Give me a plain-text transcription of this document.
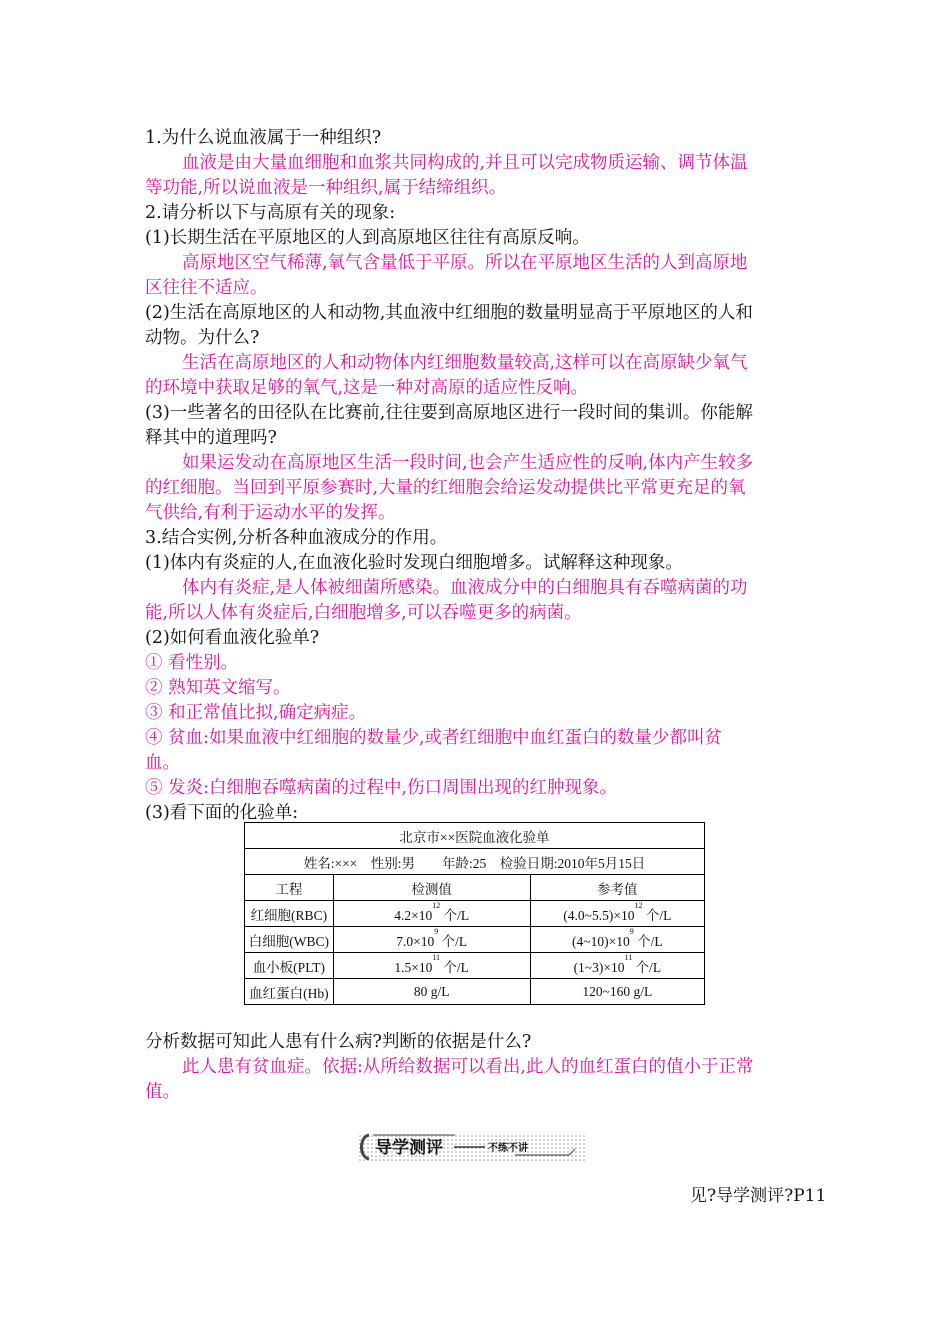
1.为什么说血液属于一种组织?
血液是由大量血细胞和血浆共同构成的,并且可以完成物质运输、调节体温
等功能,所以说血液是一种组织,属于结缔组织。
2.请分析以下与高原有关的现象:
(1)长期生活在平原地区的人到高原地区往往有高原反响。
高原地区空气稀薄,氧气含量低于平原。所以在平原地区生活的人到高原地
区往往不适应。
(2)生活在高原地区的人和动物,其血液中红细胞的数量明显高于平原地区的人和
动物。为什么?
生活在高原地区的人和动物体内红细胞数量较高,这样可以在高原缺少氧气
的环境中获取足够的氧气,这是一种对高原的适应性反响。
(3)一些著名的田径队在比赛前,往往要到高原地区进行一段时间的集训。你能解
释其中的道理吗?
如果运发动在高原地区生活一段时间,也会产生适应性的反响,体内产生较多
的红细胞。当回到平原参赛时,大量的红细胞会给运发动提供比平常更充足的氧
气供给,有利于运动水平的发挥。
3.结合实例,分析各种血液成分的作用。
(1)体内有炎症的人,在血液化验时发现白细胞增多。试解释这种现象。
体内有炎症,是人体被细菌所感染。血液成分中的白细胞具有吞噬病菌的功
能,所以人体有炎症后,白细胞增多,可以吞噬更多的病菌。
(2)如何看血液化验单?
① 看性别。
② 熟知英文缩写。
③ 和正常值比拟,确定病症。
④ 贫血:如果血液中红细胞的数量少,或者红细胞中血红蛋白的数量少都叫贫
血。
⑤ 发炎:白细胞吞噬病菌的过程中,伤口周围出现的红肿现象。
(3)看下面的化验单:
北京市××医院血液化验单		
姓名:×××    性别:男        年龄:25    检验日期:2010年5月15日		
工程	检测值	参考值
红细胞(RBC)	$4.2\times 10^{12}$ 个/L	$(4.0\sim 5.5)\times 10^{12}$ 个/L
白细胞(WBC)	$7.0\times 10^9$ 个/L	$(4\sim 10)\times 10^9$ 个/L
血小板(PLT)	$1.5\times 10^{11}$ 个/L	$(1\sim 3)\times 10^{11}$ 个/L
血红蛋白(Hb)	80 g/L	120~160 g/L
分析数据可知此人患有什么病?判断的依据是什么?
此人患有贫血症。依据:从所给数据可以看出,此人的血红蛋白的值小于正常
值。
导学测评	不练不讲
见?导学测评?P11
